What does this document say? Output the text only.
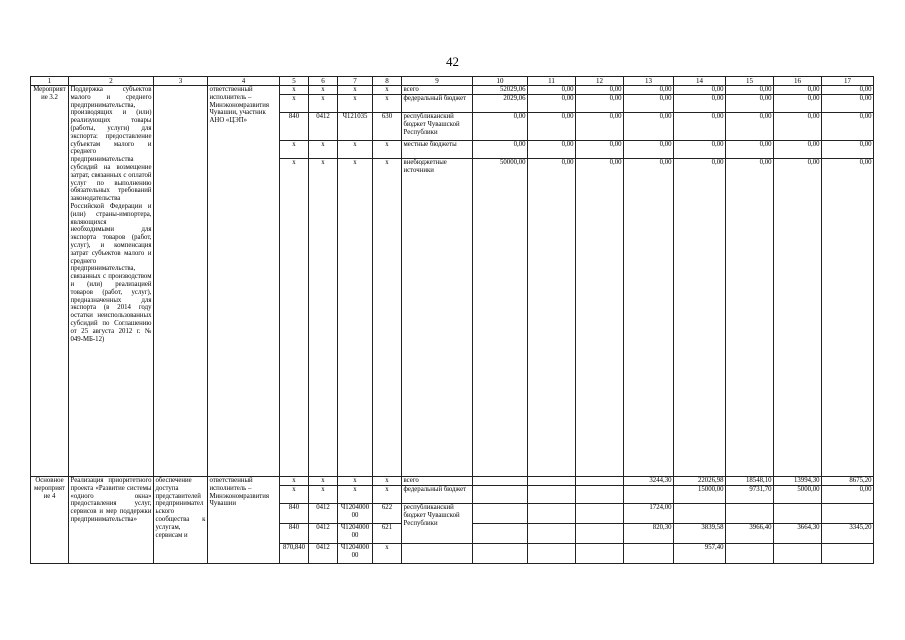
42
1	2	3	4	5	6	7	8	9	10	11	12	13	14	15	16	17
Мероприятие 3.2	Поддержка субъектов малого и среднего предпринимательства, производящих и (или) реализующих товары (работы, услуги) для экспорта: предоставление субъектам малого и среднего предпринимательства субсидий на возмещение затрат, связанных с оплатой услуг по выполнению обязательных требований законодательства Российской Федерации и (или) страны-импортера, являющихся необходимыми для экспорта товаров (работ, услуг), и компенсация затрат субъектов малого и среднего предпринимательства, связанных с производством и (или) реализацией товаров (работ, услуг), предназначенных для экспорта (в 2014 году остатки неиспользованных субсидий по Соглашению от 25 августа 2012 г. № 049-МБ-12)		ответственный исполнитель – Минэкономразвития Чувашии, участник АНО «ЦЭП»	х	х	х	х	всего	52029,06	0,00	0,00	0,00	0,00	0,00	0,00	0,00
				х	х	х	х	федеральный бюджет	2029,06	0,00	0,00	0,00	0,00	0,00	0,00	0,00
				840	0412	Ч121035	630	республиканский бюджет Чувашской Республики	0,00	0,00	0,00	0,00	0,00	0,00	0,00	0,00
				х	х	х	х	местные бюджеты	0,00	0,00	0,00	0,00	0,00	0,00	0,00	0,00
				х	х	х	х	внебюджетные источники	50000,00	0,00	0,00	0,00	0,00	0,00	0,00	0,00
Основное мероприятие 4	Реализация приоритетного проекта «Развитие системы «одного окна» предоставления услуг, сервисов и мер поддержки предпринимательства»	обеспечение доступа представителей предпринимательского сообщества к услугам, сервисам и	ответственный исполнитель – Минэкономразвития Чувашии	х	х	х	х	всего				3244,30	22026,98	18548,10	13994,30	8675,20
				х	х	х	х	федеральный бюджет					15000,00	9731,70	5000,00	0,00
				840	0412	Ч1204000 00	622	республиканский бюджет Чувашской Республики				1724,00				
				840	0412	Ч1204000 00	621					820,30	3839,58	3966,40	3664,30	3345,20
				870,840	0412	Ч1204000 00	х						957,40			
